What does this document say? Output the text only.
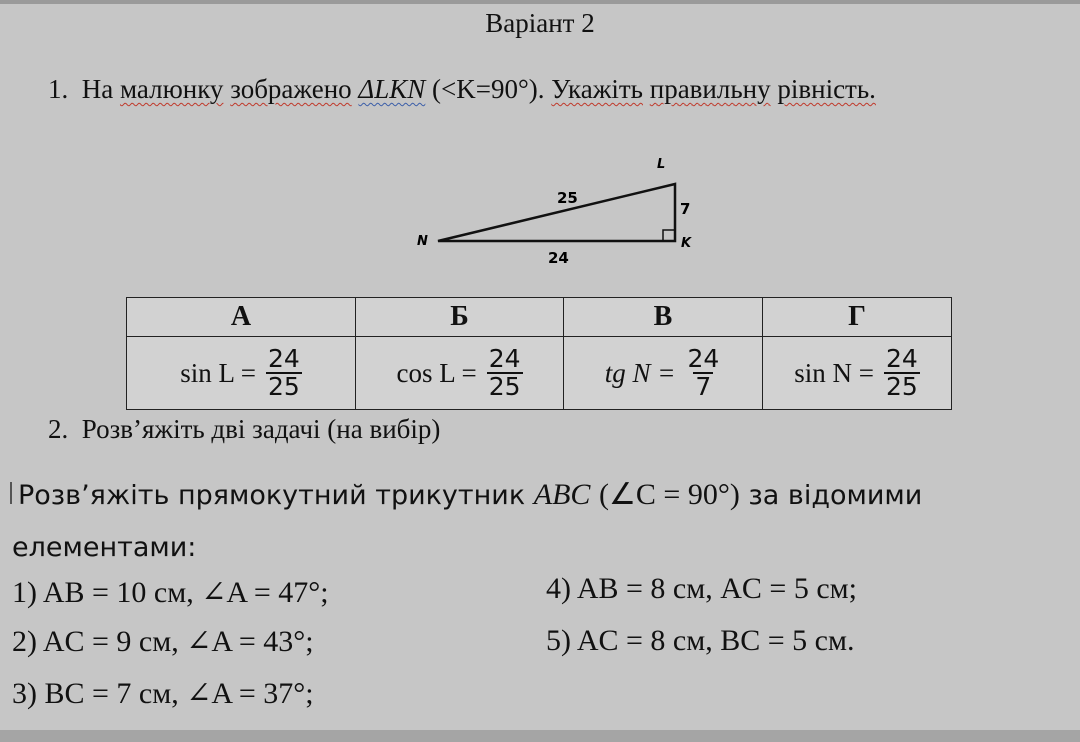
Варіант 2
1. На малюнку зображено ΔLKN (<K=90°). Укажіть правильну рівність.
L
K
N
25
7
24
А	Б	В	Г

$\sin L = \frac{24}{25}$	$\cos L = \frac{24}{25}$	tg $N = \frac{24}{7}$	$\sin N = \frac{24}{25}$
2. Розв’яжіть дві задачі (на вибір)
Розв’яжіть прямокутний трикутник ABC (∠C = 90°) за відомими
елементами:
1) AB = 10 см, ∠A = 47°;
2) AC = 9 см, ∠A = 43°;
3) BC = 7 см, ∠A = 37°;
4) AB = 8 см, AC = 5 см;
5) AC = 8 см, BC = 5 см.
